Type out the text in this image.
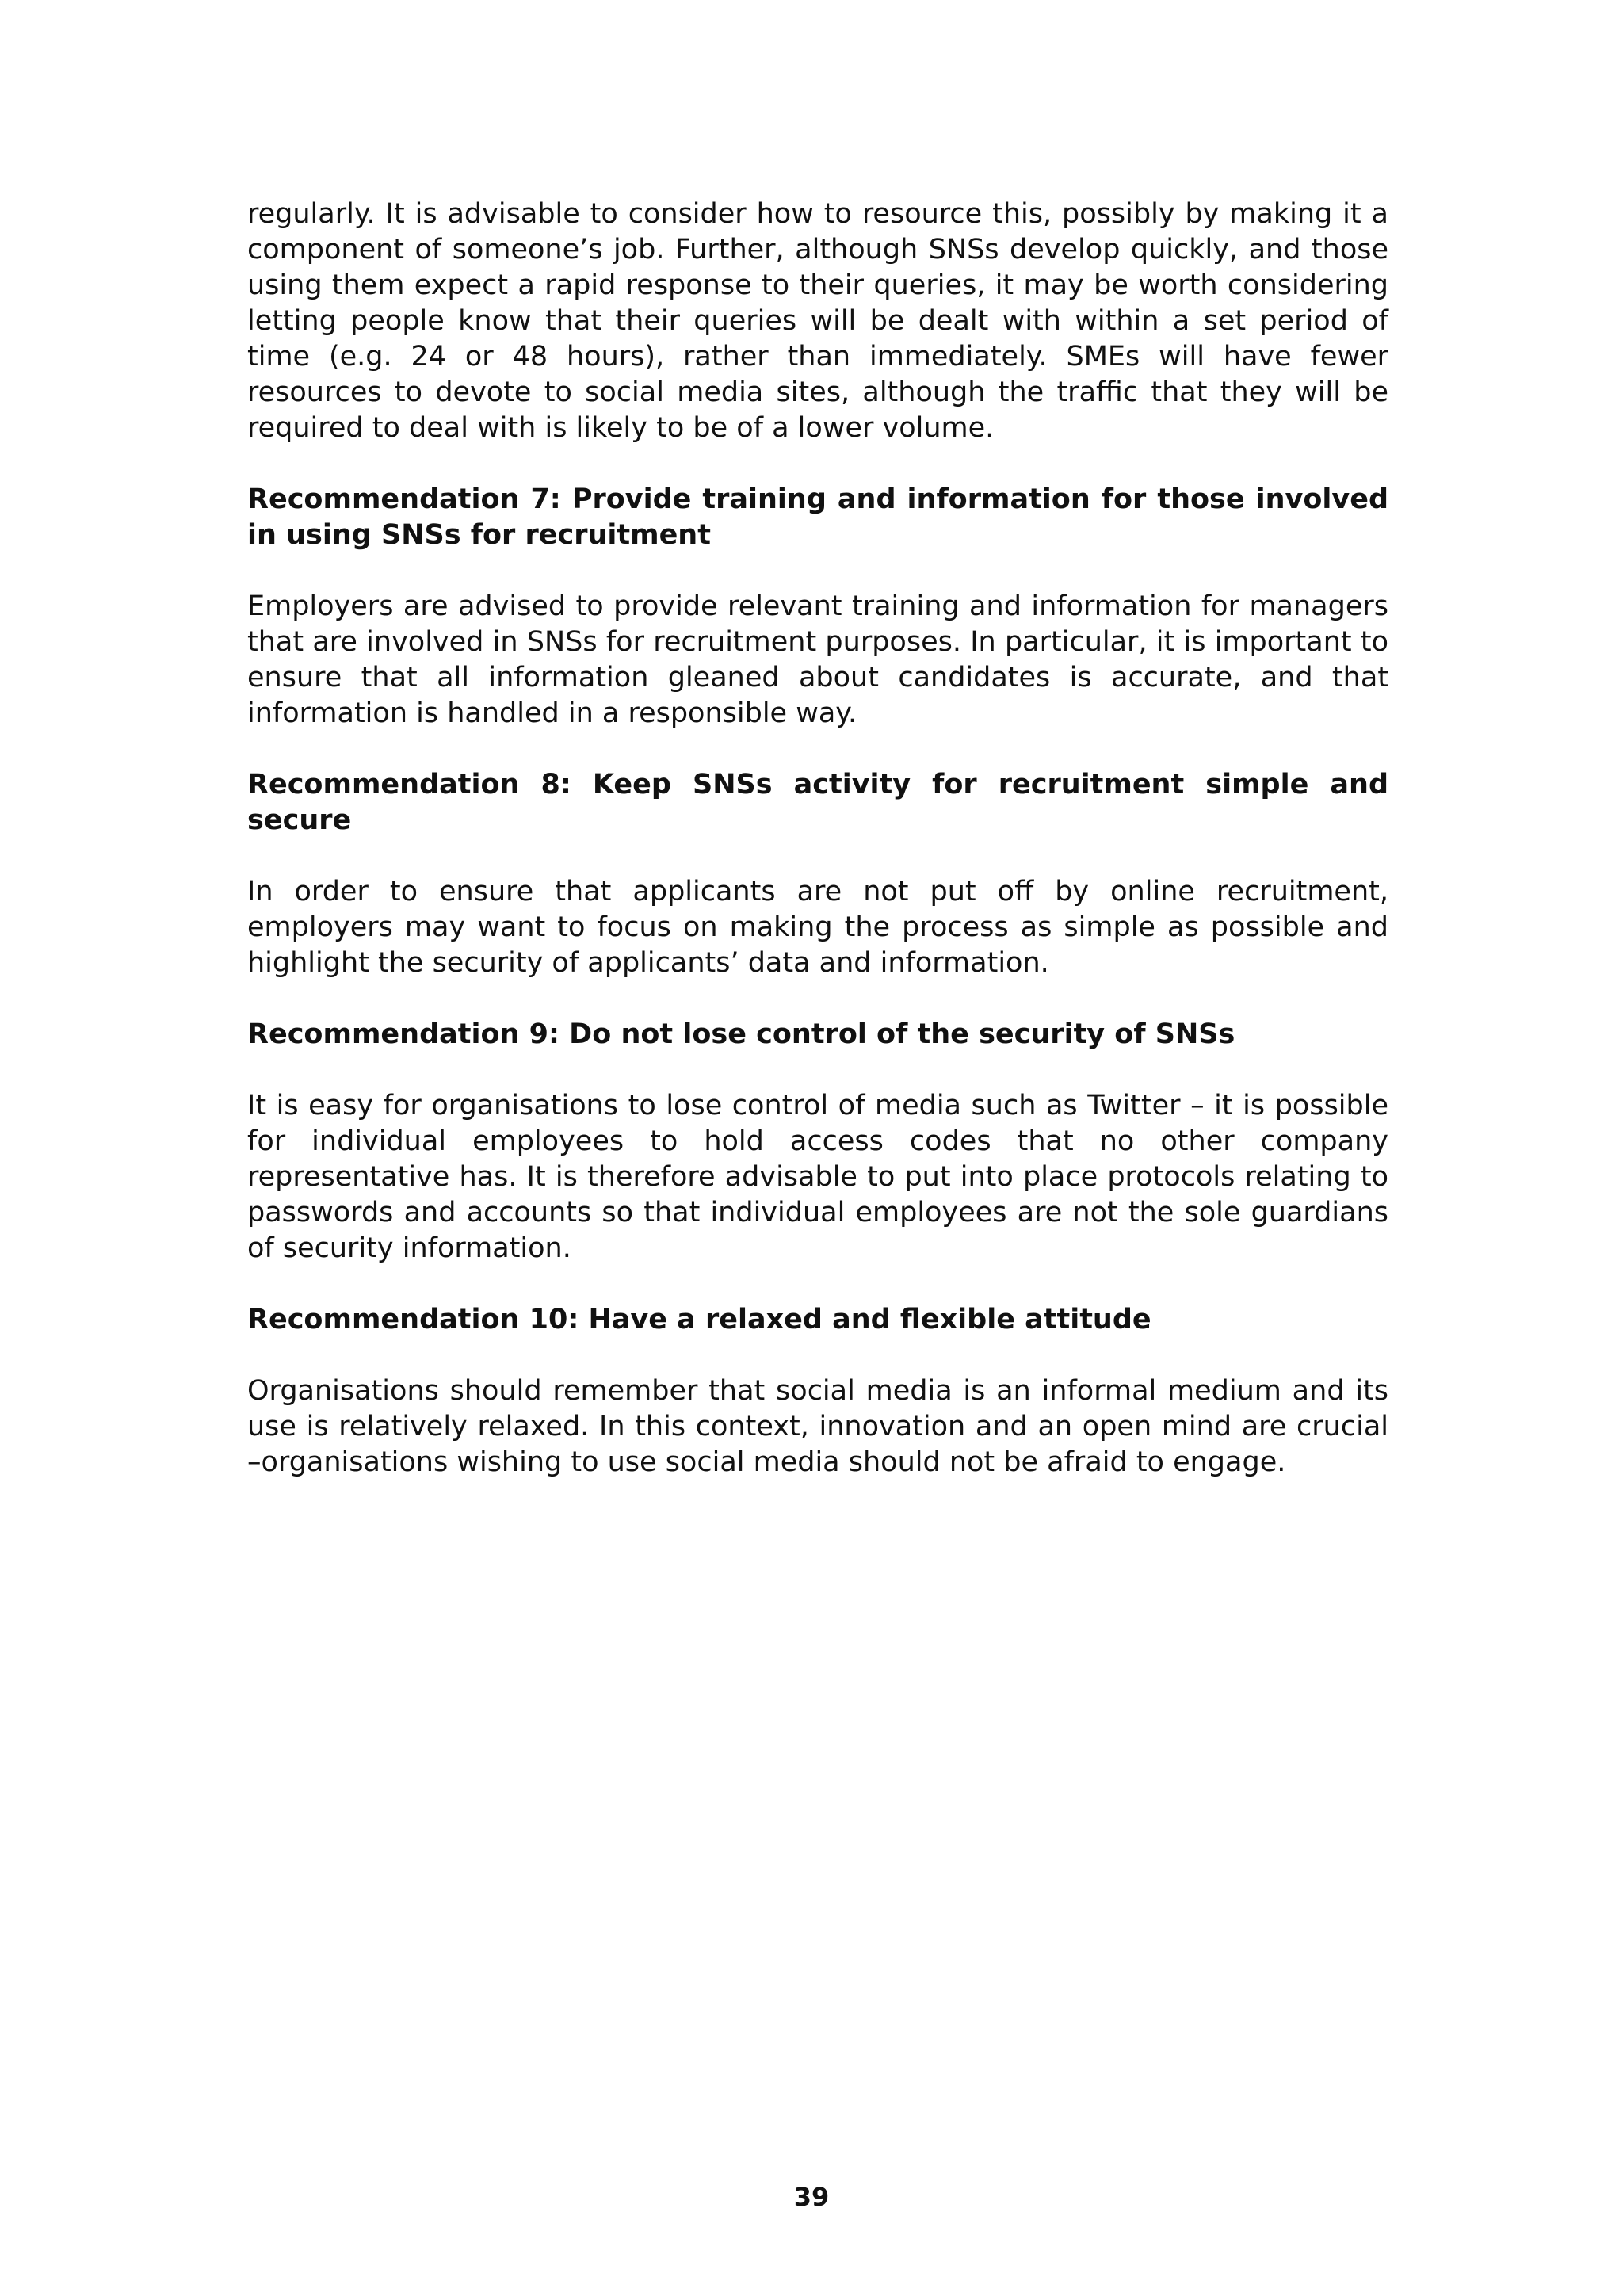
regularly. It is advisable to consider how to resource this, possibly by making it a component of someone’s job. Further, although SNSs develop quickly, and those using them expect a rapid response to their queries, it may be worth considering letting people know that their queries will be dealt with within a set period of time (e.g. 24 or 48 hours), rather than immediately. SMEs will have fewer resources to devote to social media sites, although the traffic that they will be required to deal with is likely to be of a lower volume.

Recommendation 7: Provide training and information for those involved in using SNSs for recruitment

Employers are advised to provide relevant training and information for managers that are involved in SNSs for recruitment purposes. In particular, it is important to ensure that all information gleaned about candidates is accurate, and that information is handled in a responsible way.

Recommendation 8: Keep SNSs activity for recruitment simple and secure

In order to ensure that applicants are not put off by online recruitment, employers may want to focus on making the process as simple as possible and highlight the security of applicants’ data and information.

Recommendation 9: Do not lose control of the security of SNSs

It is easy for organisations to lose control of media such as Twitter – it is possible for individual employees to hold access codes that no other company representative has. It is therefore advisable to put into place protocols relating to passwords and accounts so that individual employees are not the sole guardians of security information.

Recommendation 10: Have a relaxed and flexible attitude

Organisations should remember that social media is an informal medium and its use is relatively relaxed. In this context, innovation and an open mind are crucial –organisations wishing to use social media should not be afraid to engage.

39
